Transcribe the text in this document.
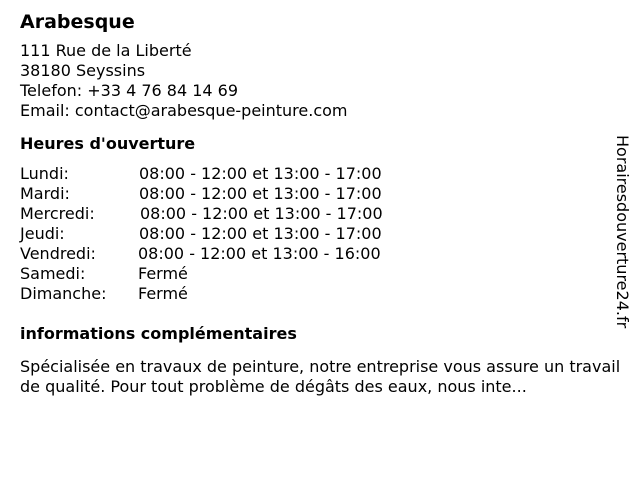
Arabesque
111 Rue de la Liberté
38180 Seyssins
Telefon: +33 4 76 84 14 69
Email: contact@arabesque-peinture.com
Heures d'ouverture
Lundi:	08:00 - 12:00 et 13:00 - 17:00
Mardi:	08:00 - 12:00 et 13:00 - 17:00
Mercredi:	08:00 - 12:00 et 13:00 - 17:00
Jeudi:	08:00 - 12:00 et 13:00 - 17:00
Vendredi:	08:00 - 12:00 et 13:00 - 16:00
Samedi:	Fermé
Dimanche: Fermé
informations complémentaires
Spécialisée en travaux de peinture, notre entreprise vous assure un travail de qualité. Pour tout problème de dégâts des eaux, nous inte...
Horairesdouverture24.fr
